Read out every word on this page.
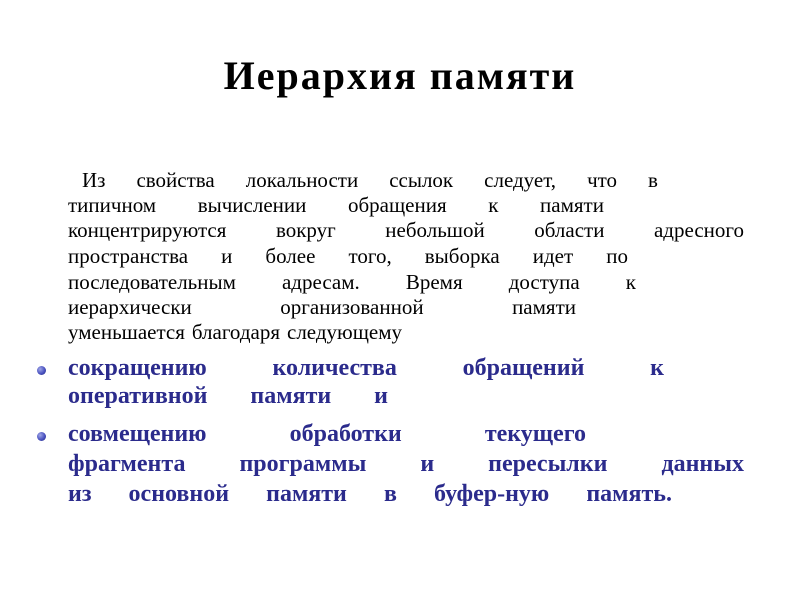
Иерархия памяти
Из свойства локальности ссылок следует, что в
типичном вычислении обращения к памяти
концентрируются вокруг небольшой области адресного
пространства и более того, выборка идет по
последовательным адресам. Время доступа к
иерархически	организованной	памяти
уменьшается благодаря следующему
сокращению	количества	обращений	к
оперативной памяти и
совмещению	обработки	текущего
фрагмента программы и пересылки данных
из основной памяти в буфер-ную память.
